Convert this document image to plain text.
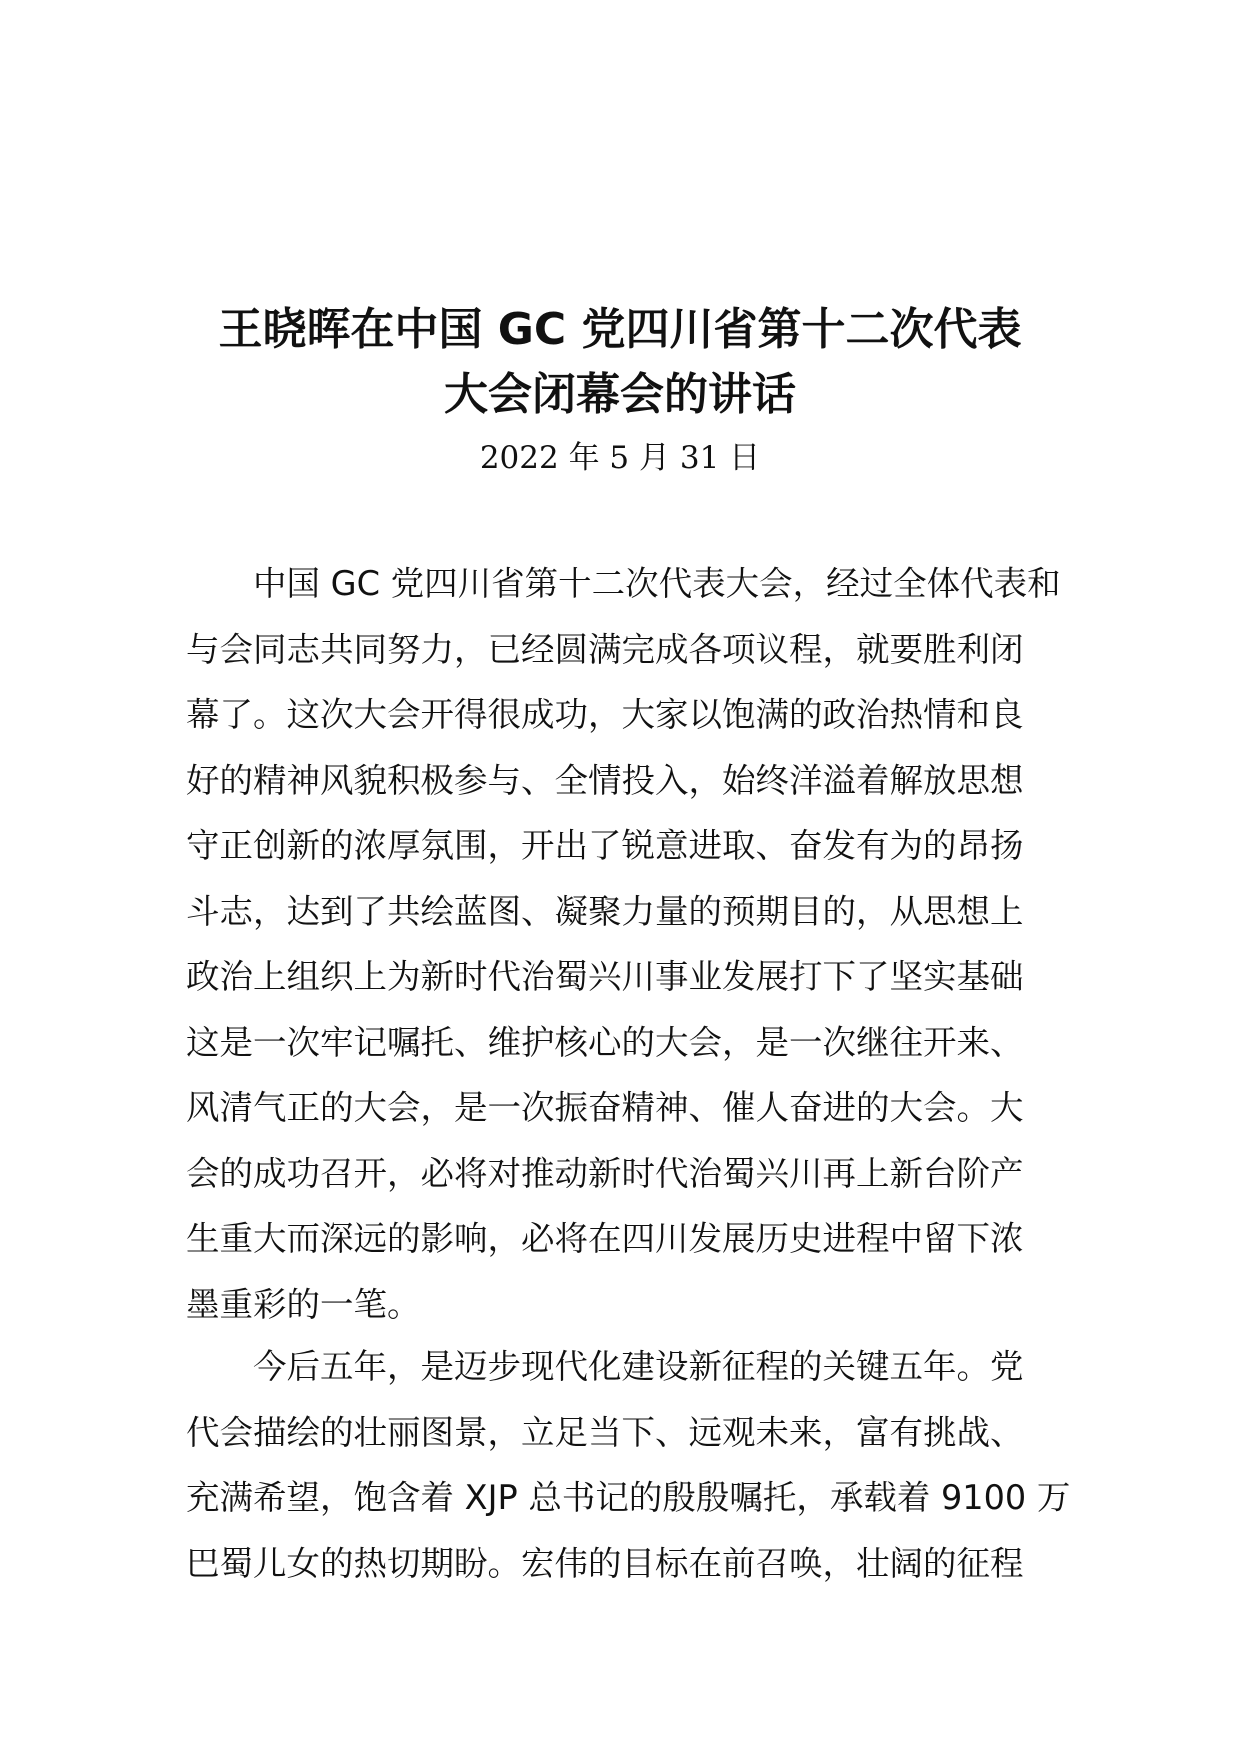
王晓晖在中国 GC 党四川省第十二次代表
大会闭幕会的讲话
2022 年 5 月 31 日
中国 GC 党四川省第十二次代表大会，经过全体代表和
与会同志共同努力，已经圆满完成各项议程，就要胜利闭
幕了。这次大会开得很成功，大家以饱满的政治热情和良
好的精神风貌积极参与、全情投入，始终洋溢着解放思想
守正创新的浓厚氛围，开出了锐意进取、奋发有为的昂扬
斗志，达到了共绘蓝图、凝聚力量的预期目的，从思想上
政治上组织上为新时代治蜀兴川事业发展打下了坚实基础
这是一次牢记嘱托、维护核心的大会，是一次继往开来、
风清气正的大会，是一次振奋精神、催人奋进的大会。大
会的成功召开，必将对推动新时代治蜀兴川再上新台阶产
生重大而深远的影响，必将在四川发展历史进程中留下浓
墨重彩的一笔。
今后五年，是迈步现代化建设新征程的关键五年。党
代会描绘的壮丽图景，立足当下、远观未来，富有挑战、
充满希望，饱含着 XJP 总书记的殷殷嘱托，承载着 9100 万
巴蜀儿女的热切期盼。宏伟的目标在前召唤，壮阔的征程
